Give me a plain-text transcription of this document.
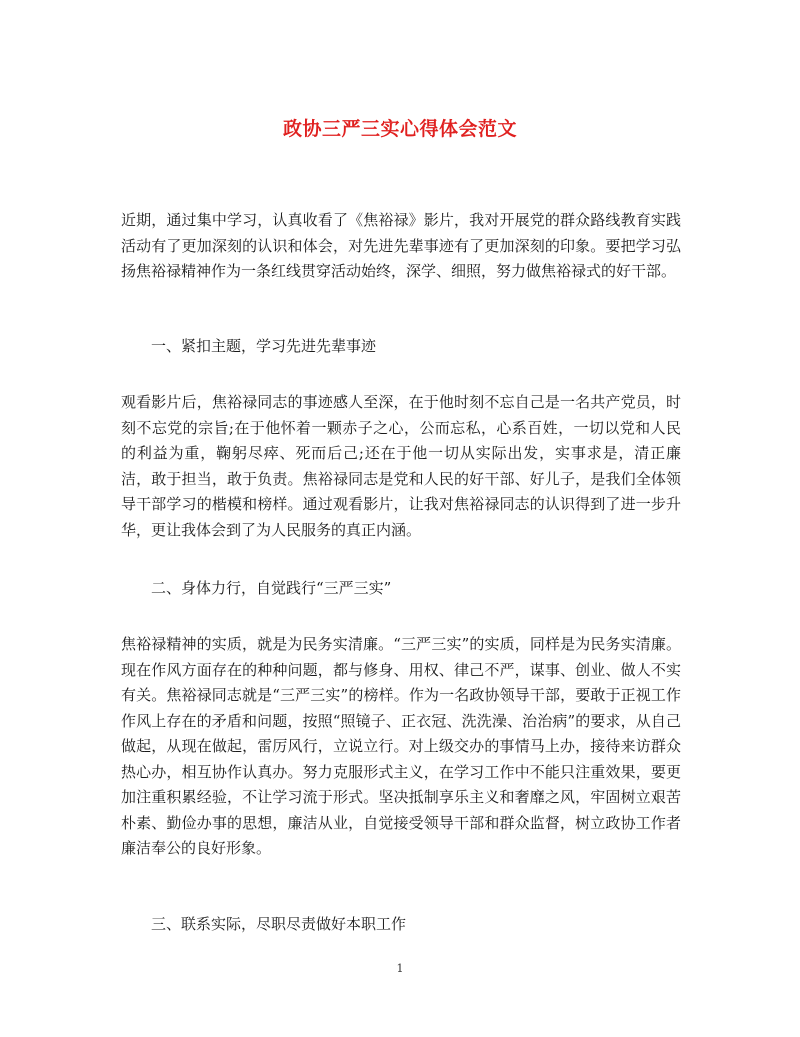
政协三严三实心得体会范文
近期，通过集中学习，认真收看了《焦裕禄》影片，我对开展党的群众路线教育实践活动有了更加深刻的认识和体会，对先进先辈事迹有了更加深刻的印象。要把学习弘扬焦裕禄精神作为一条红线贯穿活动始终，深学、细照，努力做焦裕禄式的好干部。
一、紧扣主题，学习先进先辈事迹
观看影片后，焦裕禄同志的事迹感人至深，在于他时刻不忘自己是一名共产党员，时刻不忘党的宗旨;在于他怀着一颗赤子之心，公而忘私，心系百姓，一切以党和人民的利益为重，鞠躬尽瘁、死而后己;还在于他一切从实际出发，实事求是，清正廉洁，敢于担当，敢于负责。焦裕禄同志是党和人民的好干部、好儿子，是我们全体领导干部学习的楷模和榜样。通过观看影片，让我对焦裕禄同志的认识得到了进一步升华，更让我体会到了为人民服务的真正内涵。
二、身体力行，自觉践行“三严三实”
焦裕禄精神的实质，就是为民务实清廉。“三严三实”的实质，同样是为民务实清廉。现在作风方面存在的种种问题，都与修身、用权、律己不严，谋事、创业、做人不实有关。焦裕禄同志就是“三严三实”的榜样。作为一名政协领导干部，要敢于正视工作作风上存在的矛盾和问题，按照“照镜子、正衣冠、洗洗澡、治治病”的要求，从自己做起，从现在做起，雷厉风行，立说立行。对上级交办的事情马上办，接待来访群众热心办，相互协作认真办。努力克服形式主义，在学习工作中不能只注重效果，要更加注重积累经验，不让学习流于形式。坚决抵制享乐主义和奢靡之风，牢固树立艰苦朴素、勤俭办事的思想，廉洁从业，自觉接受领导干部和群众监督，树立政协工作者廉洁奉公的良好形象。
三、联系实际，尽职尽责做好本职工作
1
